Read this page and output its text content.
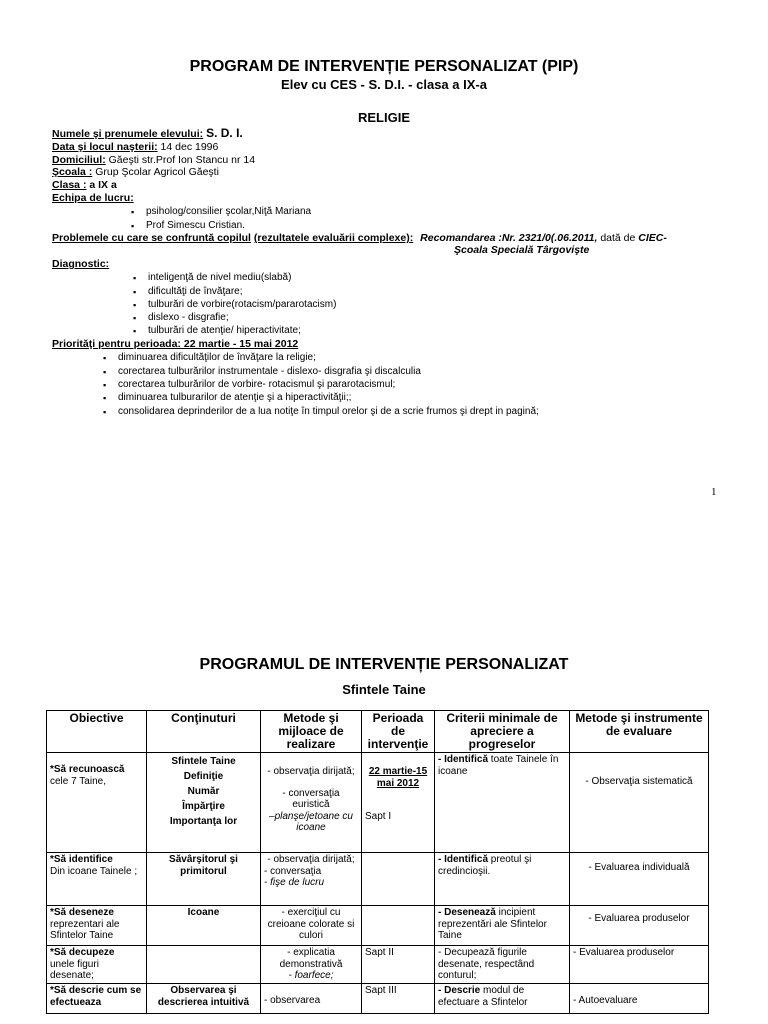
PROGRAM DE INTERVENȚIE PERSONALIZAT (PIP)
Elev cu CES - S. D.I. - clasa a IX-a
RELIGIE
Numele şi prenumele elevului: S. D. I.
Data şi locul naşterii: 14 dec 1996
Domiciliul: Găeşti str.Prof Ion Stancu nr 14
Şcoala : Grup Şcolar Agricol Găeşti
Clasa : a IX a
Echipa de lucru:
▪ psiholog/consilier şcolar,Niţă Mariana
▪ Prof Simescu Cristian.
Problemele cu care se confruntă copilul (rezultatele evaluării complexe): Recomandarea :Nr. 2321/0(.06.2011, dată de CIEC-
Şcoala Specială Târgovişte
Diagnostic:
▪ inteligenţă de nivel mediu(slabă)
▪ dificultăţi de învăţare;
▪ tulburări de vorbire(rotacism/pararotacism)
▪ dislexo - disgrafie;
▪ tulburări de atenţie/ hiperactivitate;
Priorităţi pentru perioada: 22 martie - 15 mai 2012
▪ diminuarea dificultăţilor de învăţare la religie;
▪ corectarea tulburărilor instrumentale - dislexo- disgrafia şi discalculia
▪ corectarea tulburărilor de vorbire- rotacismul şi pararotacismul;
▪ diminuarea tulburarilor de atenţie şi a hiperactivităţii;;
▪ consolidarea deprinderilor de a lua notiţe în timpul orelor şi de a scrie frumos şi drept in pagină;
1
PROGRAMUL DE INTERVENȚIE PERSONALIZAT
Sfintele Taine
Obiective	Conţinuturi	Metode şi mijloace de realizare	Perioada de intervenţie	Criterii minimale de apreciere a progreselor	Metode şi instrumente de evaluare

*Să recunoască
cele 7 Taine,	Sfintele Taine
Definiţie
Număr
Împărţire
Importanţa lor	- observaţia dirijată;
- conversaţia euristică
–planşe/jetoane cu icoane	22 martie-15 mai 2012
Sapt I	- Identifică toate Tainele în icoane	- Observaţia sistematică
*Să identifice
Din icoane Tainele ;	Săvârşitorul şi primitorul	- observaţia dirijată;
- conversaţia
- fişe de lucru		- Identifică preotul şi credincioşii.	- Evaluarea individuală
*Să deseneze
reprezentari ale Sfintelor Taine	Icoane	- exerciţiul cu creioane colorate si culori		- Desenează incipient reprezentări ale Sfintelor Taine	- Evaluarea produselor
*Să decupeze
unele figuri desenate;		- explicatia demonstrativă
- foarfece;	Sapt II	- Decupează figurile desenate, respectând conturul;	- Evaluarea produselor
*Să descrie cum se efectueaza	Observarea şi descrierea intuitivă	- observarea	Sapt III	- Descrie modul de efectuare a Sfintelor	- Autoevaluare
